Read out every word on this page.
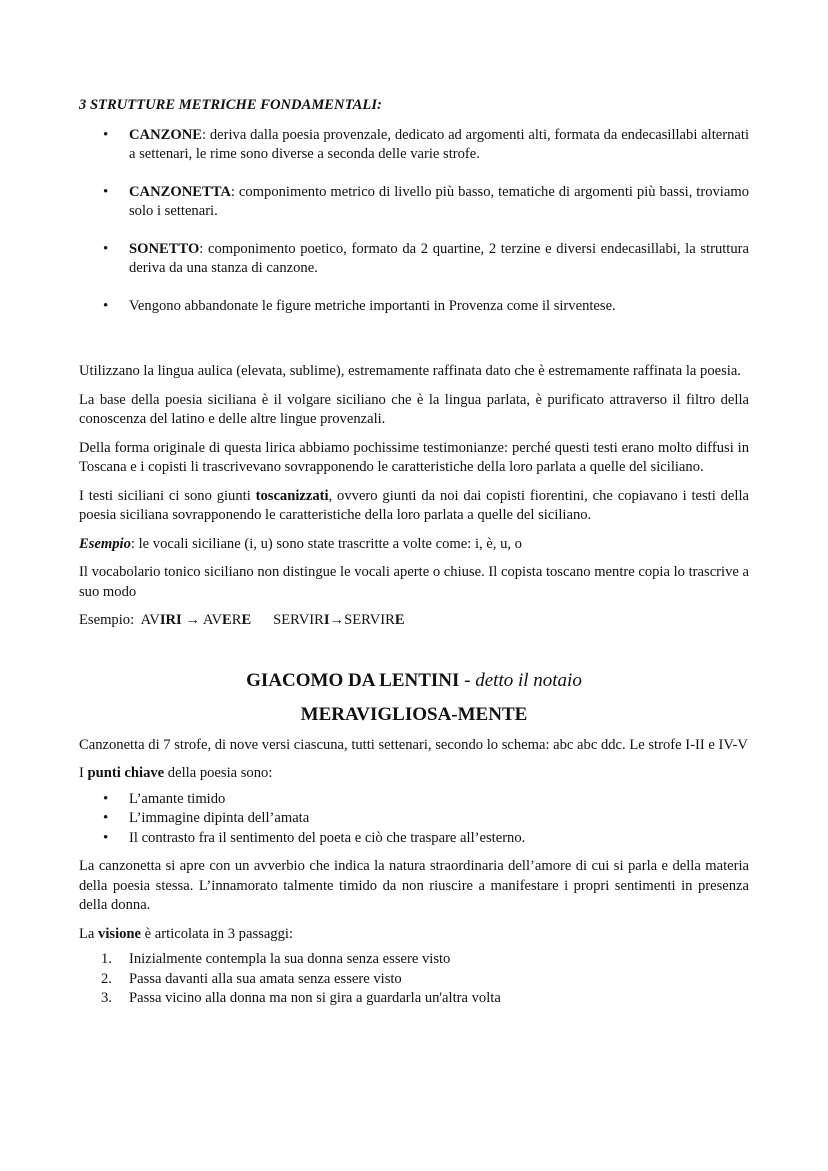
3 STRUTTURE METRICHE FONDAMENTALI:

• CANZONE: deriva dalla poesia provenzale, dedicato ad argomenti alti, formata da endecasillabi alternati a settenari, le rime sono diverse a seconda delle varie strofe.
• CANZONETTA: componimento metrico di livello più basso, tematiche di argomenti più bassi, troviamo solo i settenari.
• SONETTO: componimento poetico, formato da 2 quartine, 2 terzine e diversi endecasillabi, la struttura deriva da una stanza di canzone.
• Vengono abbandonate le figure metriche importanti in Provenza come il sirventese.

Utilizzano la lingua aulica (elevata, sublime), estremamente raffinata dato che è estremamente raffinata la poesia.

La base della poesia siciliana è il volgare siciliano che è la lingua parlata, è purificato attraverso il filtro della conoscenza del latino e delle altre lingue provenzali.

Della forma originale di questa lirica abbiamo pochissime testimonianze: perché questi testi erano molto diffusi in Toscana e i copisti li trascrivevano sovrapponendo le caratteristiche della loro parlata a quelle del siciliano.

I testi siciliani ci sono giunti toscanizzati, ovvero giunti da noi dai copisti fiorentini, che copiavano i testi della poesia siciliana sovrapponendo le caratteristiche della loro parlata a quelle del siciliano.

Esempio: le vocali siciliane (i, u) sono state trascritte a volte come: i, è, u, o

Il vocabolario tonico siciliano non distingue le vocali aperte o chiuse. Il copista toscano mentre copia lo trascrive a suo modo

Esempio:  AVIRI → AVERE SERVIRI→SERVIRE

GIACOMO DA LENTINI - detto il notaio

MERAVIGLIOSA-MENTE

Canzonetta di 7 strofe, di nove versi ciascuna, tutti settenari, secondo lo schema: abc abc ddc. Le strofe I-II e IV-V

I punti chiave della poesia sono:

• L’amante timido
• L’immagine dipinta dell’amata
• Il contrasto fra il sentimento del poeta e ciò che traspare all’esterno.

La canzonetta si apre con un avverbio che indica la natura straordinaria dell’amore di cui si parla e della materia della poesia stessa. L’innamorato talmente timido da non riuscire a manifestare i propri sentimenti in presenza della donna.

La visione è articolata in 3 passaggi:

1. Inizialmente contempla la sua donna senza essere visto
2. Passa davanti alla sua amata senza essere visto
3. Passa vicino alla donna ma non si gira a guardarla un'altra volta
